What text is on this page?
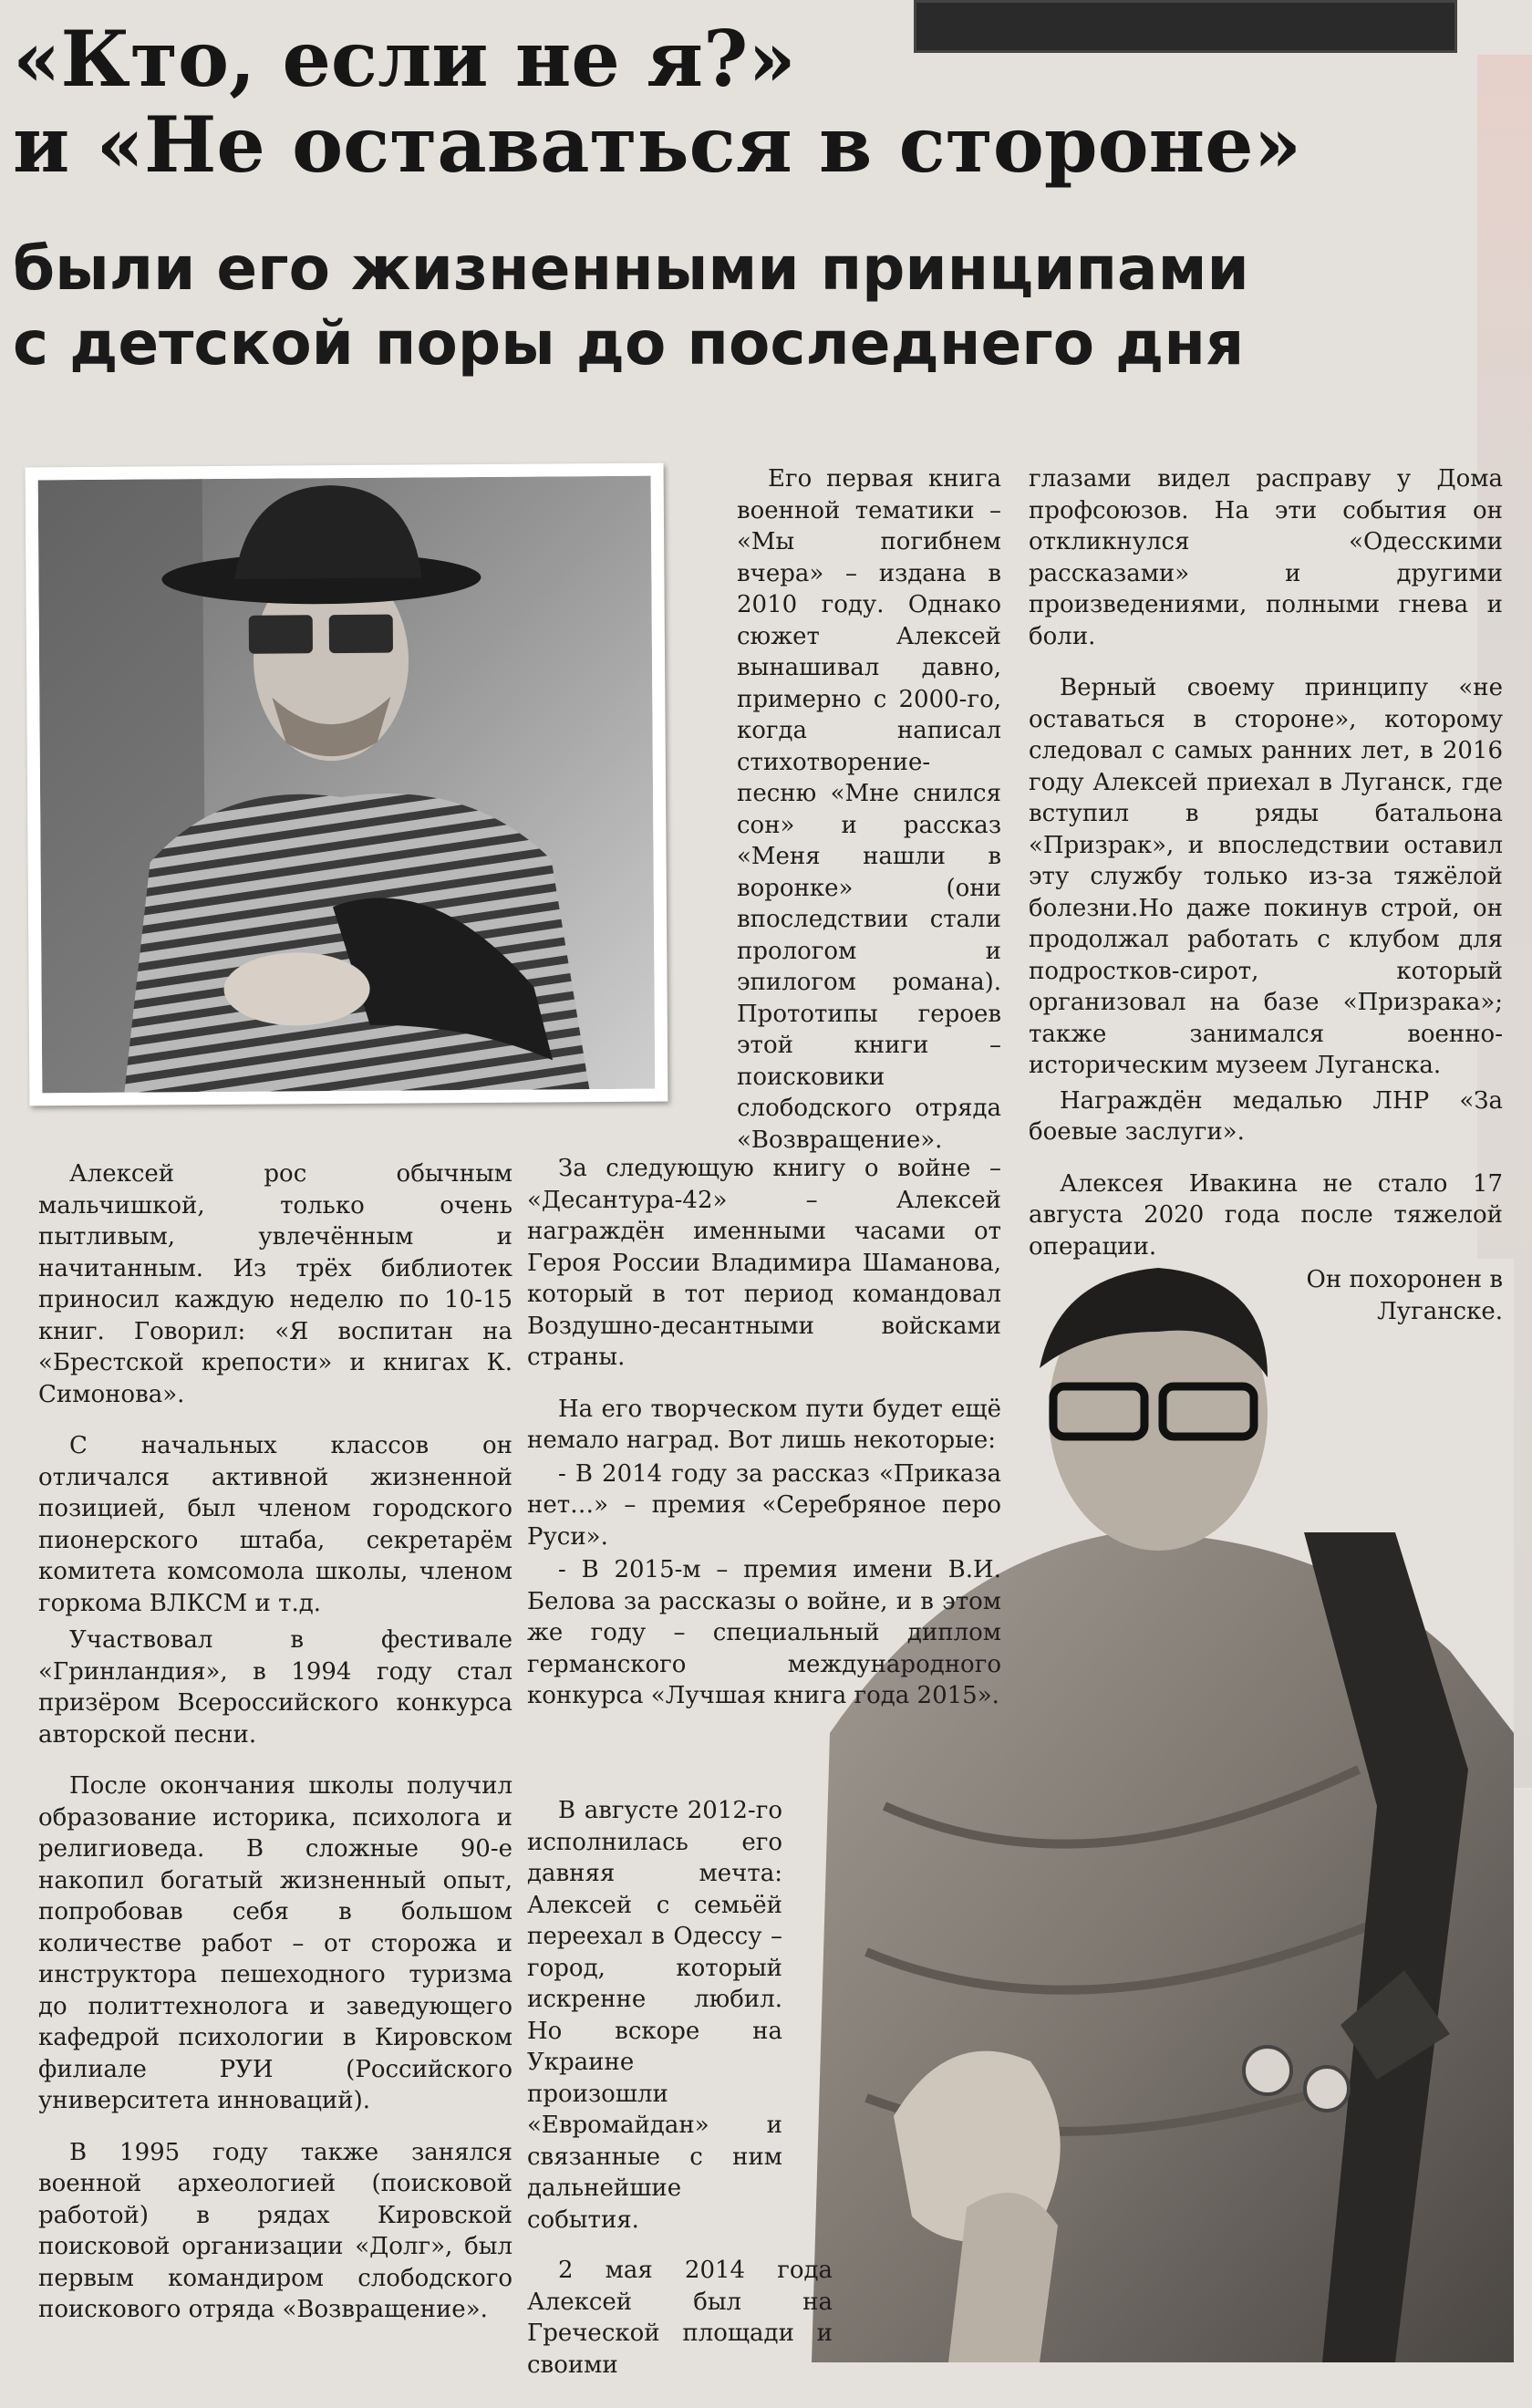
«Кто, если не я?»
и «Не оставаться в стороне»
были его жизненными принципами
с детской поры до последнего дня

Его первая книга военной тематики – «Мы погибнем вчера» – издана в 2010 году. Однако сюжет Алексей вынашивал давно, примерно с 2000-го, когда написал стихотворение-песню «Мне снился сон» и рассказ «Меня нашли в воронке» (они впоследствии стали прологом и эпилогом романа). Прототипы героев этой книги – поисковики слободского отряда «Возвращение».

За следующую книгу о войне – «Десантура-42» – Алексей награждён именными часами от Героя России Владимира Шаманова, который в тот период командовал Воздушно-десантными войсками страны.

На его творческом пути будет ещё немало наград. Вот лишь некоторые:

- В 2014 году за рассказ «Приказа нет…» – премия «Серебряное перо Руси».

- В 2015-м – премия имени В.И. Белова за рассказы о войне, и в этом же году – специальный диплом германского международного конкурса «Лучшая книга года 2015».

В августе 2012-го исполнилась его давняя мечта: Алексей с семьёй переехал в Одессу – город, который искренне любил. Но вскоре на Украине произошли «Евромайдан» и связанные с ним дальнейшие события.

2 мая 2014 года Алексей был на Греческой площади и своими

глазами видел расправу у Дома профсоюзов. На эти события он откликнулся «Одесскими рассказами» и другими произведениями, полными гнева и боли.

Верный своему принципу «не оставаться в стороне», которому следовал с самых ранних лет, в 2016 году Алексей приехал в Луганск, где вступил в ряды батальона «Призрак», и впоследствии оставил эту службу только из-за тяжёлой болезни.Но даже покинув строй, он продолжал работать с клубом для подростков-сирот, который организовал на базе «Призрака»; также занимался военно-историческим музеем Луганска.

Награждён медалью ЛНР «За боевые заслуги».

Алексея Ивакина не стало 17 августа 2020 года после тяжелой операции.

Он похоронен в Луганске.

Алексей рос обычным мальчишкой, только очень пытливым, увлечённым и начитанным. Из трёх библиотек приносил каждую неделю по 10-15 книг. Говорил: «Я воспитан на «Брестской крепости» и книгах К. Симонова».

С начальных классов он отличался активной жизненной позицией, был членом городского пионерского штаба, секретарём комитета комсомола школы, членом горкома ВЛКСМ и т.д.

Участвовал в фестивале «Гринландия», в 1994 году стал призёром Всероссийского конкурса авторской песни.

После окончания школы получил образование историка, психолога и религиоведа. В сложные 90-е накопил богатый жизненный опыт, попробовав себя в большом количестве работ – от сторожа и инструктора пешеходного туризма до политтехнолога и заведующего кафедрой психологии в Кировском филиале РУИ (Российского университета инноваций).

В 1995 году также занялся военной археологией (поисковой работой) в рядах Кировской поисковой организации «Долг», был первым командиром слободского поискового отряда «Возвращение».
